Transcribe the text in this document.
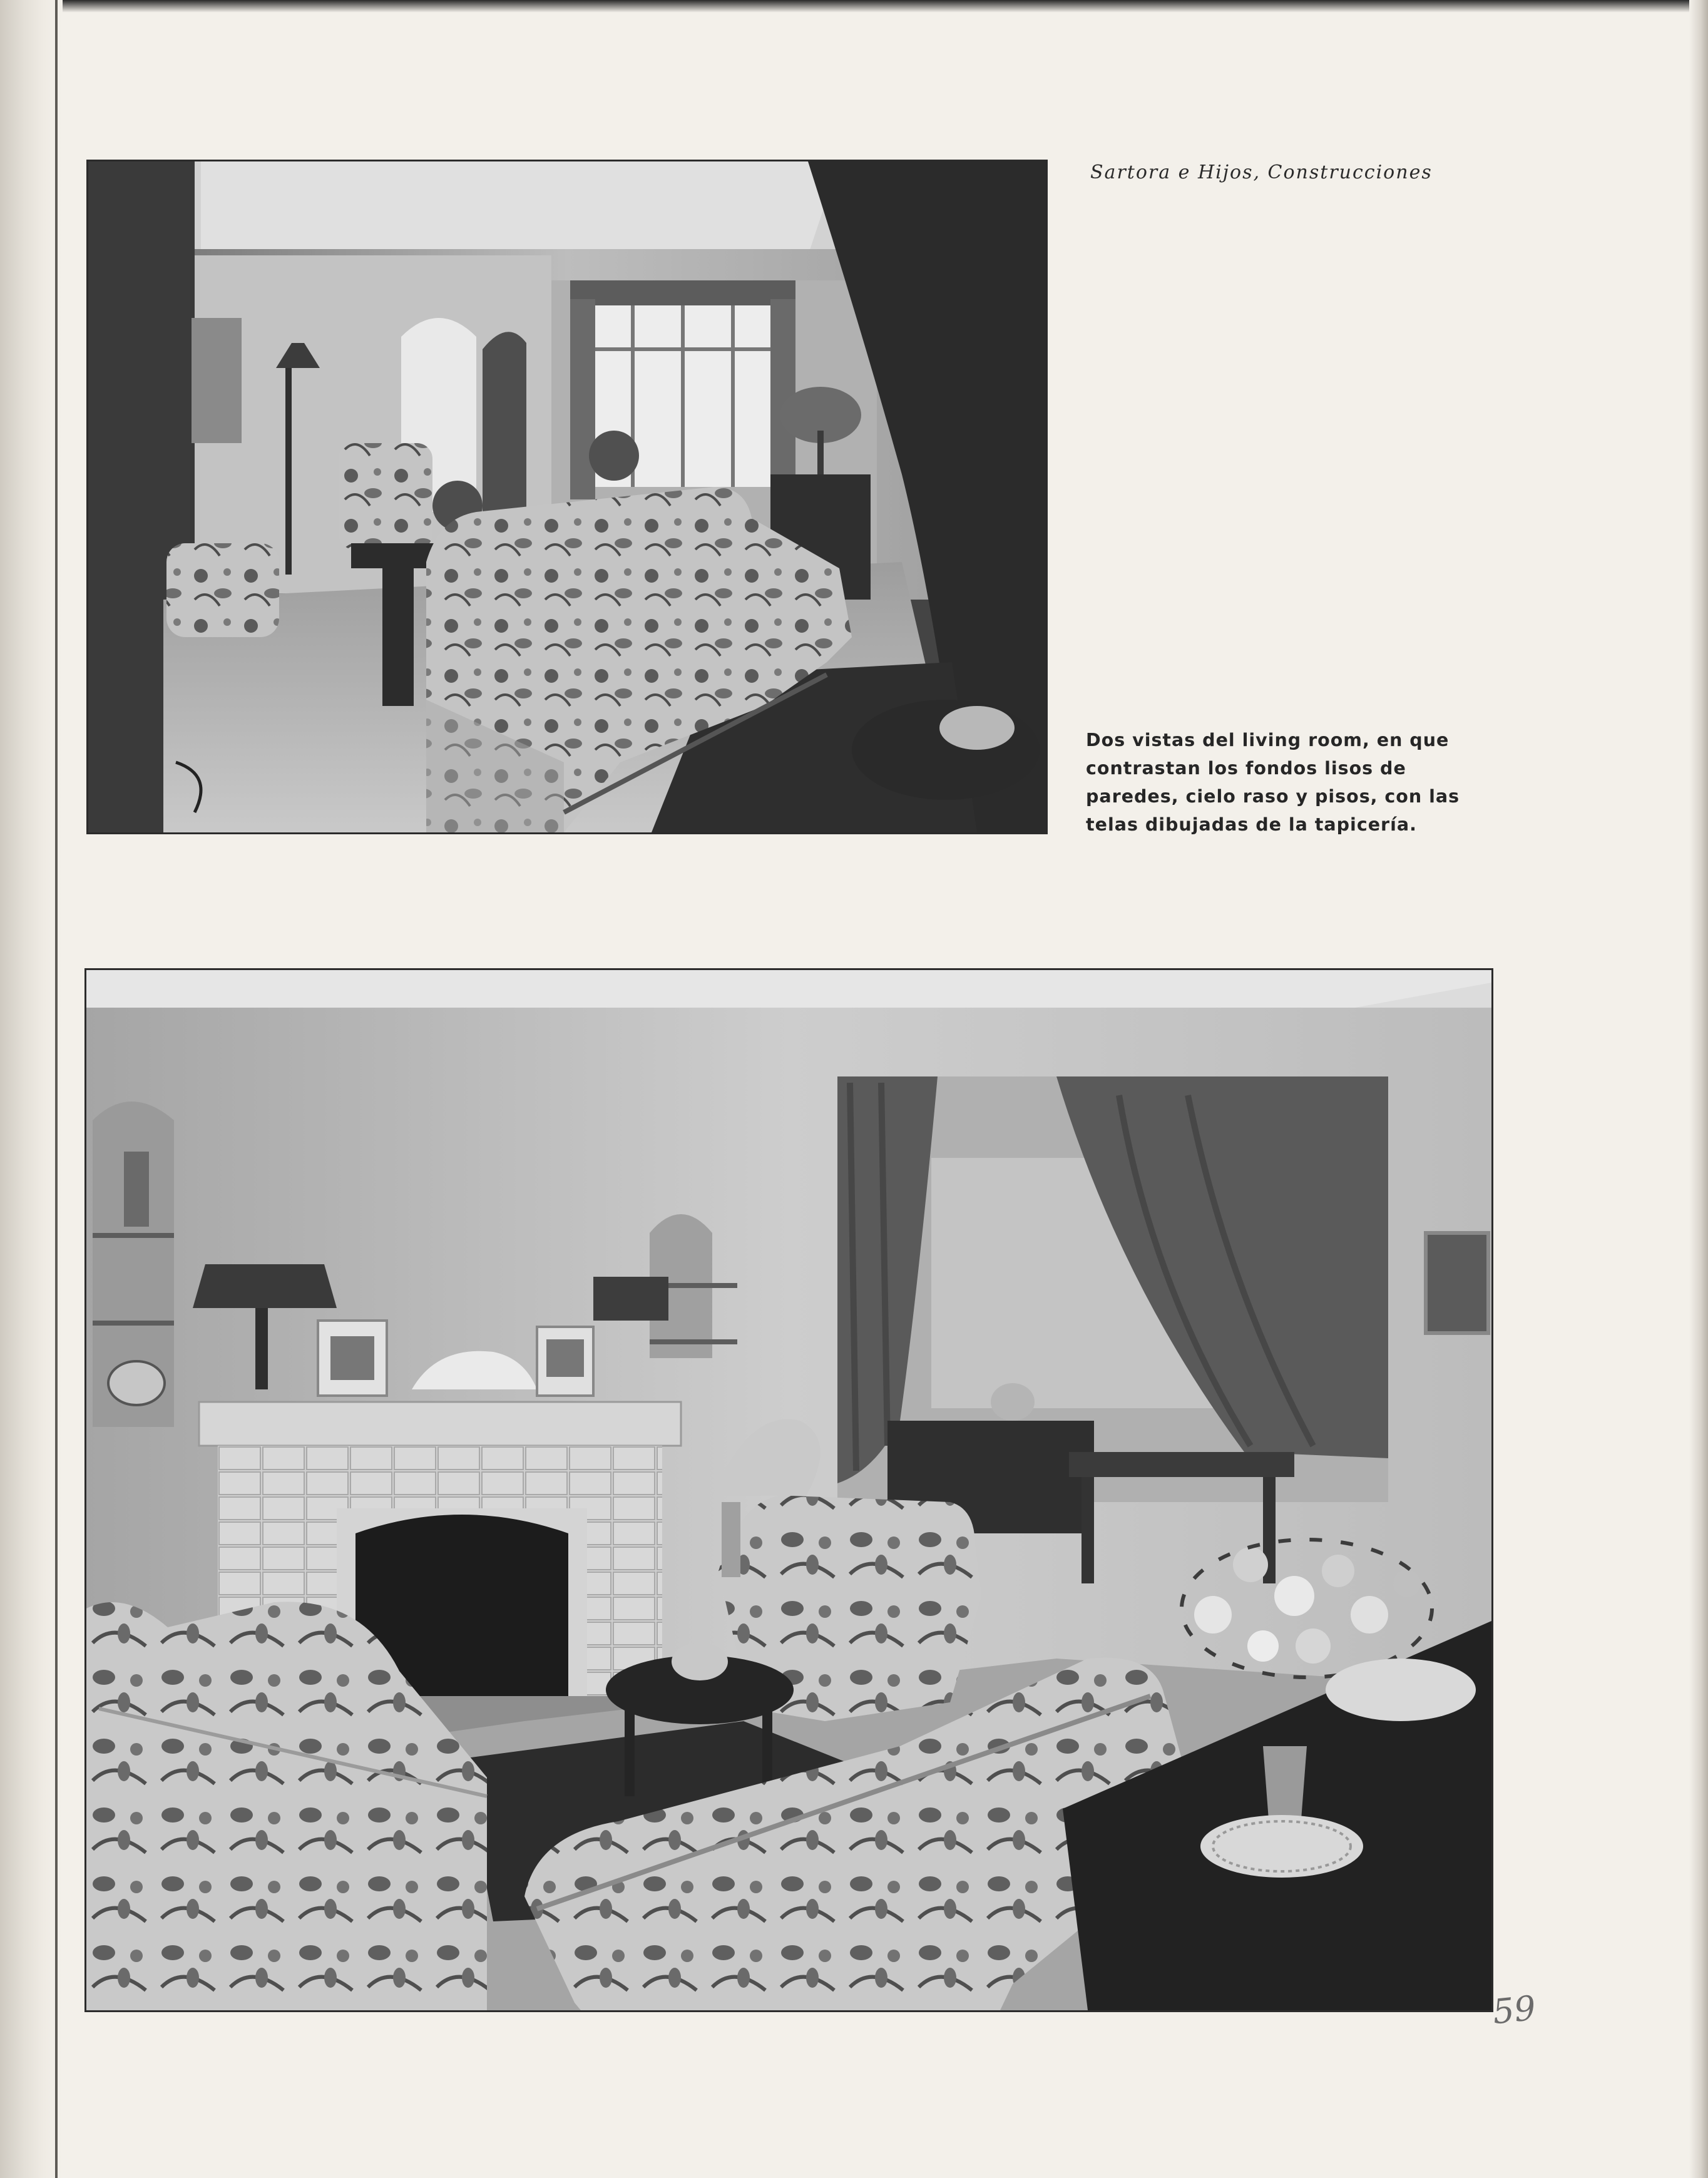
Sartora e Hijos, Construcciones

Dos vistas del living room, en que contrastan los fondos lisos de paredes, cielo raso y pisos, con las telas dibujadas de la tapicería.

59
